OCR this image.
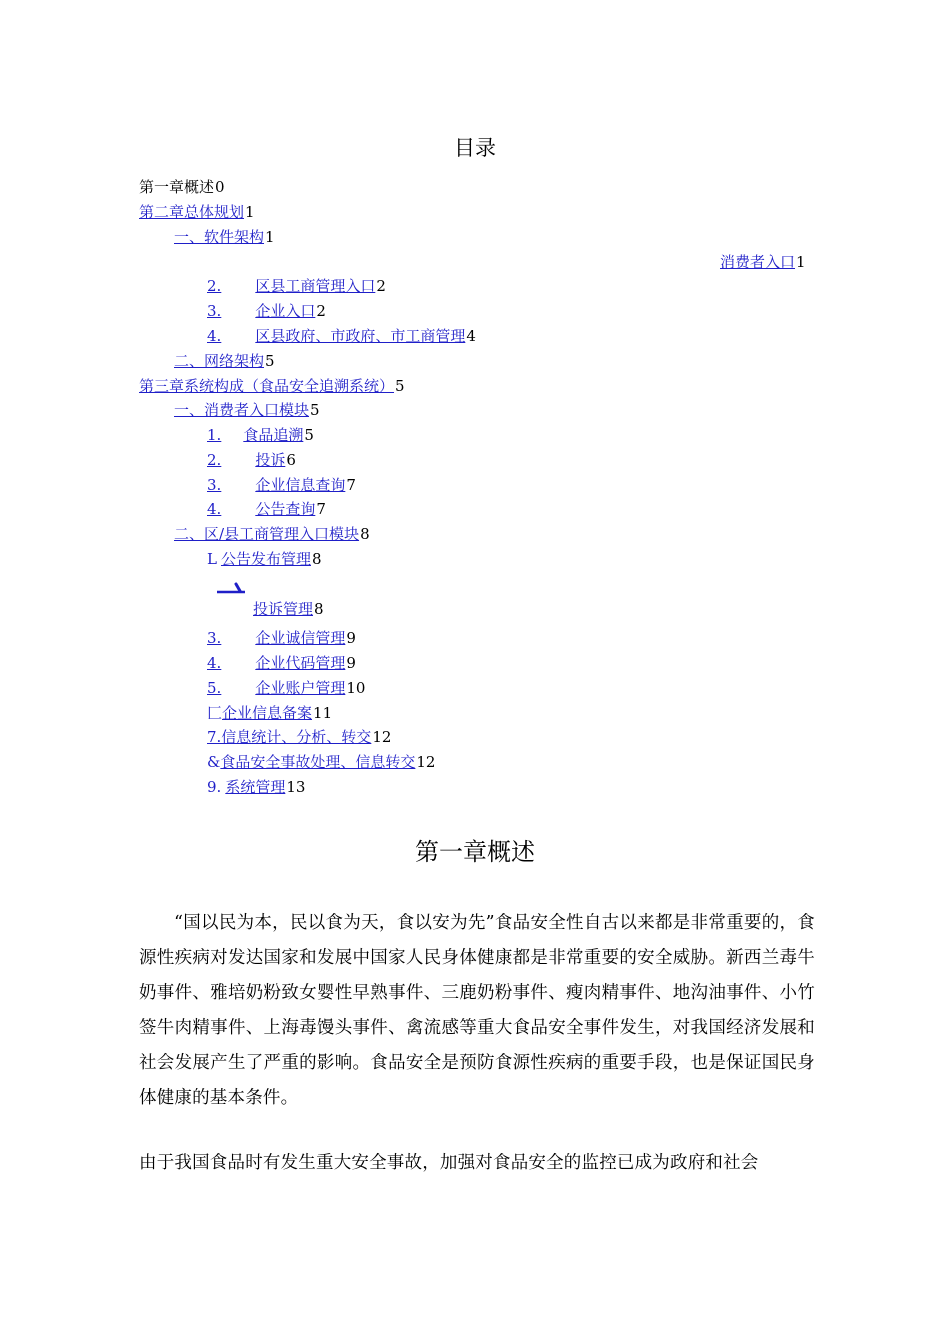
目录
第一章概述0
第二章总体规划1
一、软件架构1
消费者入口1
2. 区县工商管理入口2
3. 企业入口2
4. 区县政府、市政府、市工商管理4
二、网络架构5
第三章系统构成（食品安全追溯系统）5
一、消费者入口模块5
1. 食品追溯5
2. 投诉6
3. 企业信息查询7
4. 公告查询7
二、区/县工商管理入口模块8
L 公告发布管理8
投诉管理8
3. 企业诚信管理9
4. 企业代码管理9
5. 企业账户管理10
匚企业信息备案11
7.信息统计、分析、转交12
&食品安全事故处理、信息转交12
9. 系统管理13
第一章概述
“国以民为本，民以食为天，食以安为先”食品安全性自古以来都是非常重要的，食源性疾病对发达国家和发展中国家人民身体健康都是非常重要的安全威胁。新西兰毒牛奶事件、雅培奶粉致女婴性早熟事件、三鹿奶粉事件、瘦肉精事件、地沟油事件、小竹签牛肉精事件、上海毒馒头事件、禽流感等重大食品安全事件发生，对我国经济发展和社会发展产生了严重的影响。食品安全是预防食源性疾病的重要手段，也是保证国民身体健康的基本条件。
由于我国食品时有发生重大安全事故，加强对食品安全的监控已成为政府和社会
